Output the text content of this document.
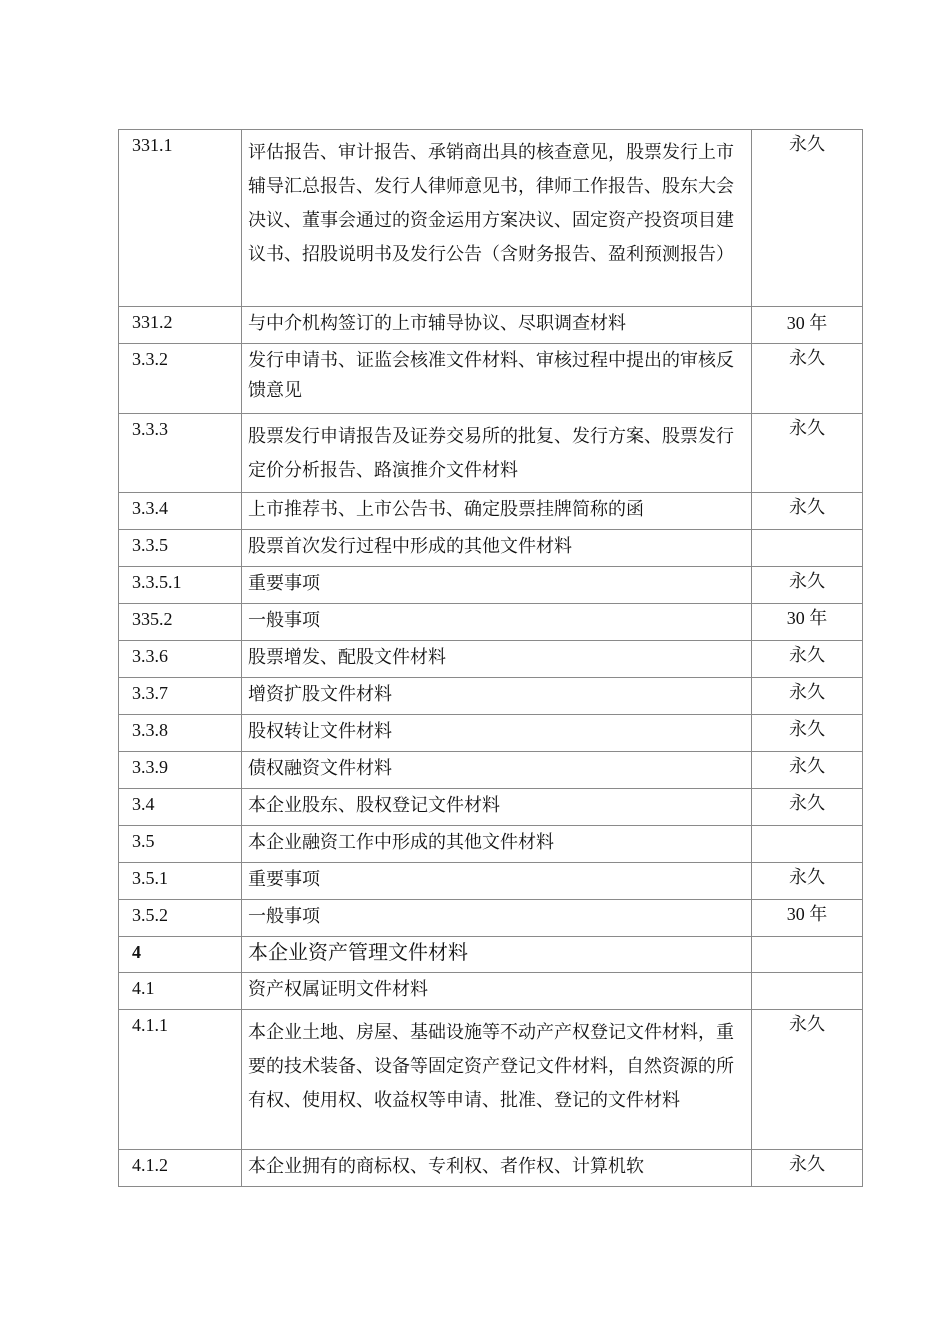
331.1	评估报告、审计报告、承销商出具的核查意见，股票发行上市辅导汇总报告、发行人律师意见书，律师工作报告、股东大会决议、董事会通过的资金运用方案决议、固定资产投资项目建议书、招股说明书及发行公告（含财务报告、盈利预测报告）	永久
331.2	与中介机构签订的上市辅导协议、尽职调查材料	30 年
3.3.2	发行申请书、证监会核准文件材料、审核过程中提出的审核反馈意见	永久
3.3.3	股票发行申请报告及证券交易所的批复、发行方案、股票发行定价分析报告、路演推介文件材料	永久
3.3.4	上市推荐书、上市公告书、确定股票挂牌简称的函	永久
3.3.5	股票首次发行过程中形成的其他文件材料	
3.3.5.1	重要事项	永久
335.2	一般事项	30 年
3.3.6	股票增发、配股文件材料	永久
3.3.7	增资扩股文件材料	永久
3.3.8	股权转让文件材料	永久
3.3.9	债权融资文件材料	永久
3.4	本企业股东、股权登记文件材料	永久
3.5	本企业融资工作中形成的其他文件材料	
3.5.1	重要事项	永久
3.5.2	一般事项	30 年
4	本企业资产管理文件材料	
4.1	资产权属证明文件材料	
4.1.1	本企业土地、房屋、基础设施等不动产产权登记文件材料，重要的技术装备、设备等固定资产登记文件材料，自然资源的所有权、使用权、收益权等申请、批准、登记的文件材料	永久
4.1.2	本企业拥有的商标权、专利权、者作权、计算机软	永久
